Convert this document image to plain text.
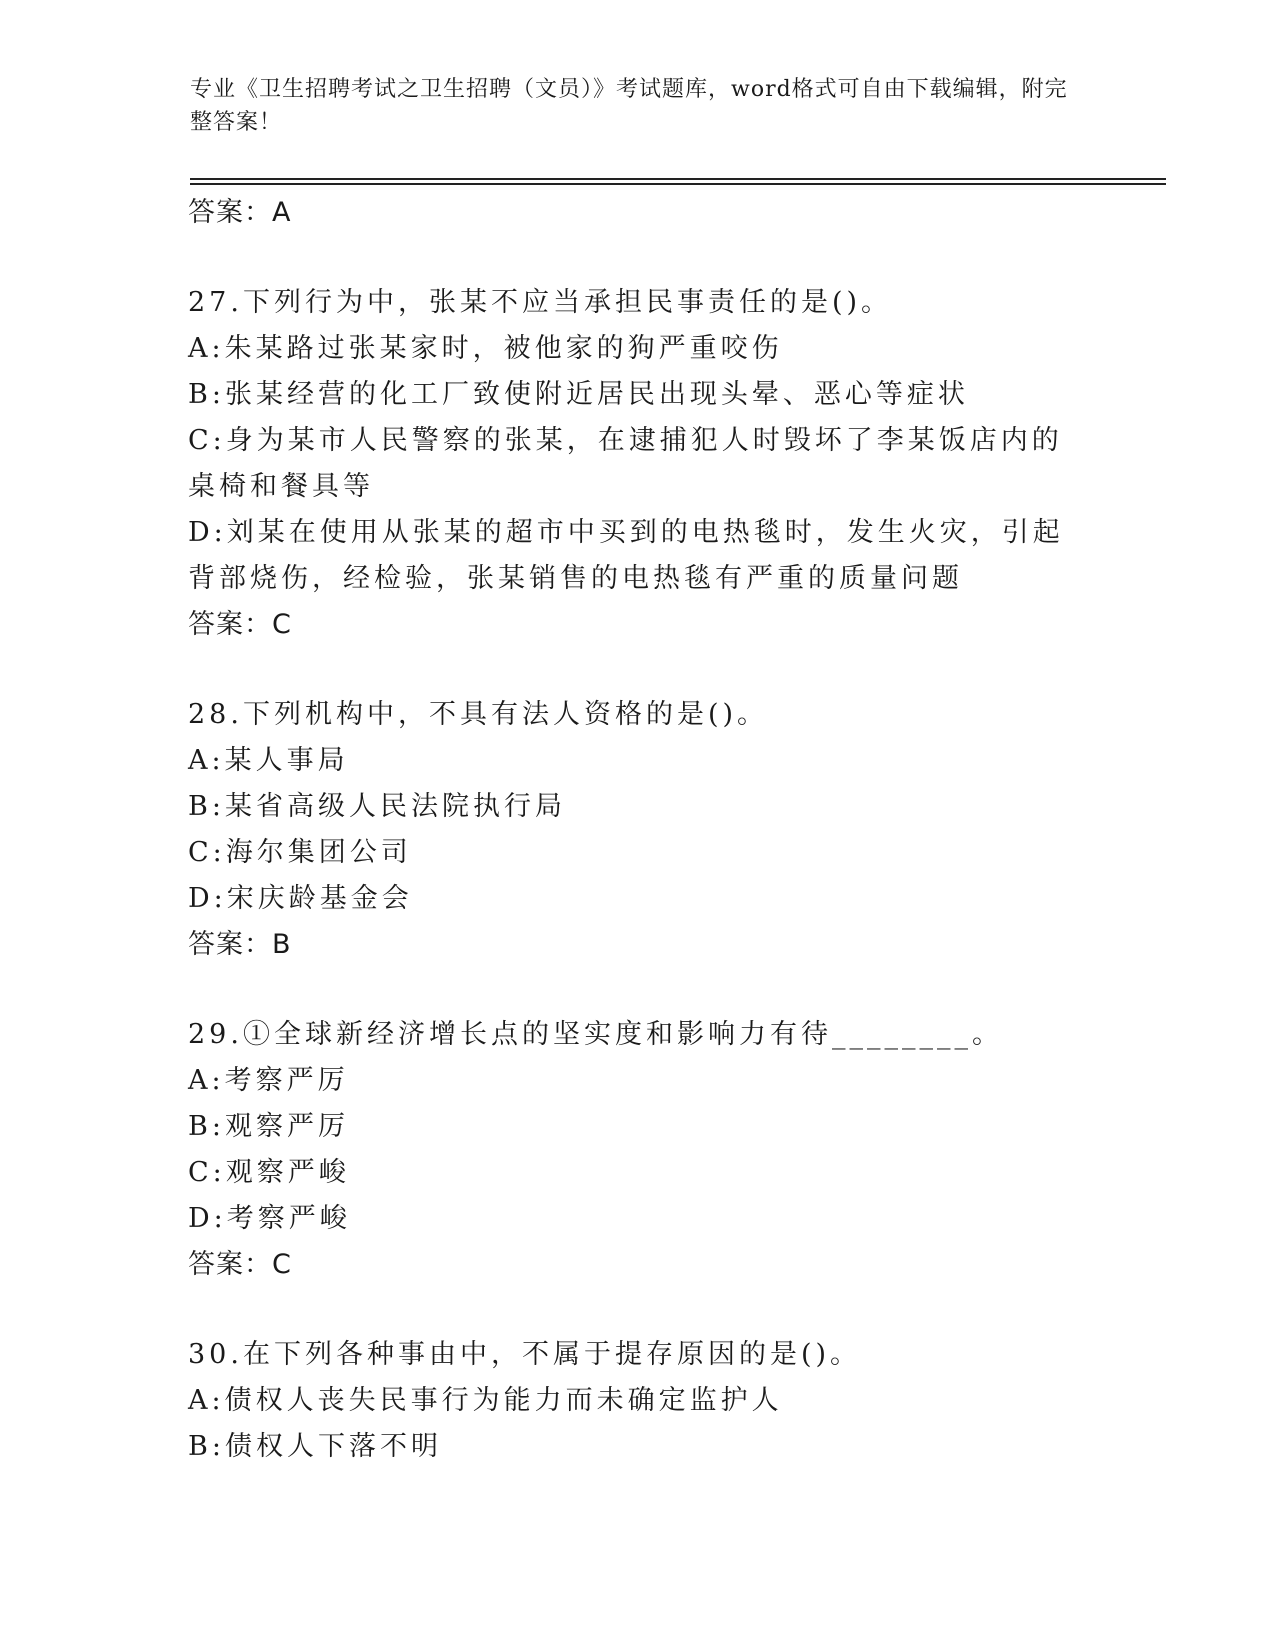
专业《卫生招聘考试之卫生招聘（文员）》考试题库，word格式可自由下载编辑，附完整答案！
答案：A
27.下列行为中，张某不应当承担民事责任的是()。
A:朱某路过张某家时，被他家的狗严重咬伤
B:张某经营的化工厂致使附近居民出现头晕、恶心等症状
C:身为某市人民警察的张某，在逮捕犯人时毁坏了李某饭店内的桌椅和餐具等
D:刘某在使用从张某的超市中买到的电热毯时，发生火灾，引起背部烧伤，经检验，张某销售的电热毯有严重的质量问题
答案：C
28.下列机构中，不具有法人资格的是()。
A:某人事局
B:某省高级人民法院执行局
C:海尔集团公司
D:宋庆龄基金会
答案：B
29.①全球新经济增长点的坚实度和影响力有待________。
A:考察严厉
B:观察严厉
C:观察严峻
D:考察严峻
答案：C
30.在下列各种事由中，不属于提存原因的是()。
A:债权人丧失民事行为能力而未确定监护人
B:债权人下落不明
